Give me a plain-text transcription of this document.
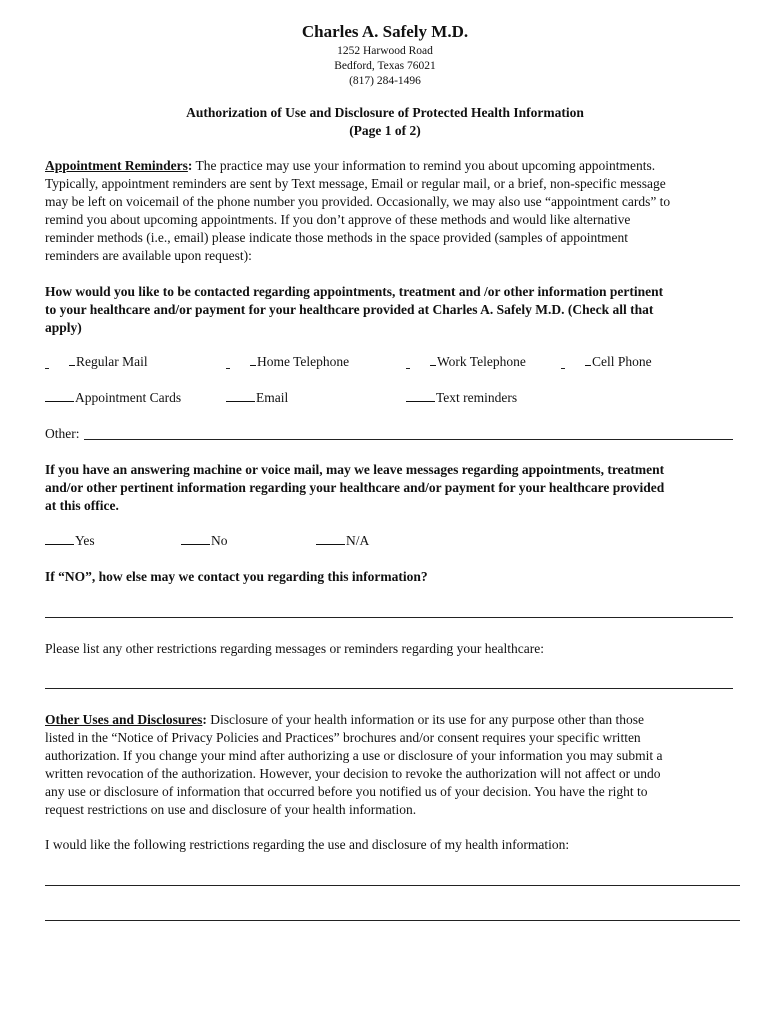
Charles A. Safely M.D.
1252 Harwood Road
Bedford, Texas 76021
(817) 284-1496
Authorization of Use and Disclosure of Protected Health Information
(Page 1 of 2)
Appointment Reminders: The practice may use your information to remind you about upcoming appointments.
Typically, appointment reminders are sent by Text message, Email or regular mail, or a brief, non-specific message
may be left on voicemail of the phone number you provided. Occasionally, we may also use “appointment cards” to
remind you about upcoming appointments. If you don’t approve of these methods and would like alternative
reminder methods (i.e., email) please indicate those methods in the space provided (samples of appointment
reminders are available upon request):
How would you like to be contacted regarding appointments, treatment and /or other information pertinent
to your healthcare and/or payment for your healthcare provided at Charles A. Safely M.D. (Check all that
apply)
Regular Mail	Home Telephone	Work Telephone	Cell Phone
Appointment Cards	Email	Text reminders
Other:
If you have an answering machine or voice mail, may we leave messages regarding appointments, treatment
and/or other pertinent information regarding your healthcare and/or payment for your healthcare provided
at this office.
Yes	No	N/A
If “NO”, how else may we contact you regarding this information?
Please list any other restrictions regarding messages or reminders regarding your healthcare:
Other Uses and Disclosures: Disclosure of your health information or its use for any purpose other than those
listed in the “Notice of Privacy Policies and Practices” brochures and/or consent requires your specific written
authorization. If you change your mind after authorizing a use or disclosure of your information you may submit a
written revocation of the authorization. However, your decision to revoke the authorization will not affect or undo
any use or disclosure of information that occurred before you notified us of your decision. You have the right to
request restrictions on use and disclosure of your health information.
I would like the following restrictions regarding the use and disclosure of my health information:
